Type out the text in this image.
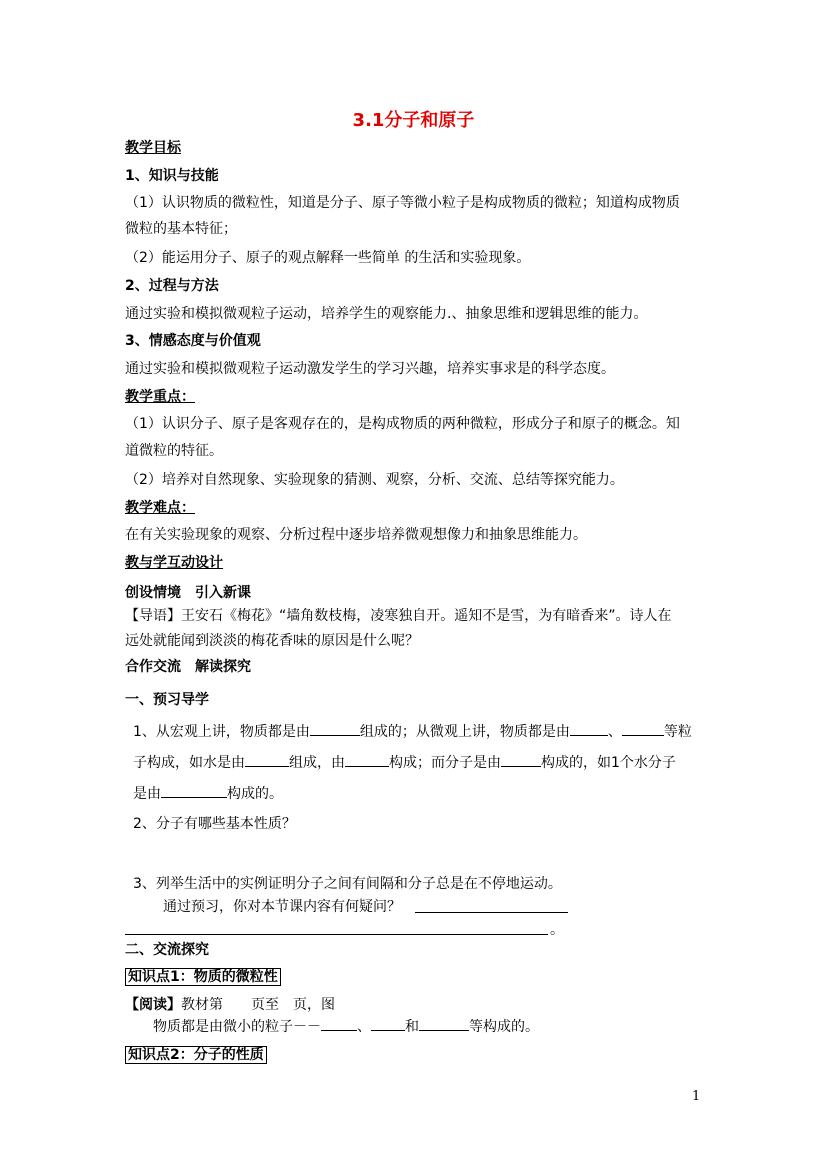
3.1分子和原子
教学目标
1、知识与技能
（1）认识物质的微粒性，知道是分子、原子等微小粒子是构成物质的微粒；知道构成物质
微粒的基本特征；
（2）能运用分子、原子的观点解释一些简单 的生活和实验现象。
2、过程与方法
通过实验和模拟微观粒子运动，培养学生的观察能力.、抽象思维和逻辑思维的能力。
3、情感态度与价值观
通过实验和模拟微观粒子运动激发学生的学习兴趣，培养实事求是的科学态度。
教学重点：
（1）认识分子、原子是客观存在的，是构成物质的两种微粒，形成分子和原子的概念。知
道微粒的特征。
（2）培养对自然现象、实验现象的猜测、观察，分析、交流、总结等探究能力。
教学难点：
在有关实验现象的观察、分析过程中逐步培养微观想像力和抽象思维能力。
教与学互动设计
创设情境　引入新课
【导语】王安石《梅花》“墙角数枝梅，凌寒独自开。遥知不是雪，为有暗香来”。诗人在
远处就能闻到淡淡的梅花香味的原因是什么呢？
合作交流　解读探究
一、预习导学
1、从宏观上讲，物质都是由	组成的；从微观上讲，物质都是由	、	等粒
子构成，如水是由	组成，由	构成；而分子是由	构成的，如1个水分子
是由	构成的。
2、分子有哪些基本性质？
3、列举生活中的实例证明分子之间有间隔和分子总是在不停地运动。
通过预习，你对本节课内容有何疑问？
。
二、交流探究
知识点1：物质的微粒性
【阅读】教材第　　页至　页，图
物质都是由微小的粒子－－	、 和	等构成的。
知识点2：分子的性质
1
